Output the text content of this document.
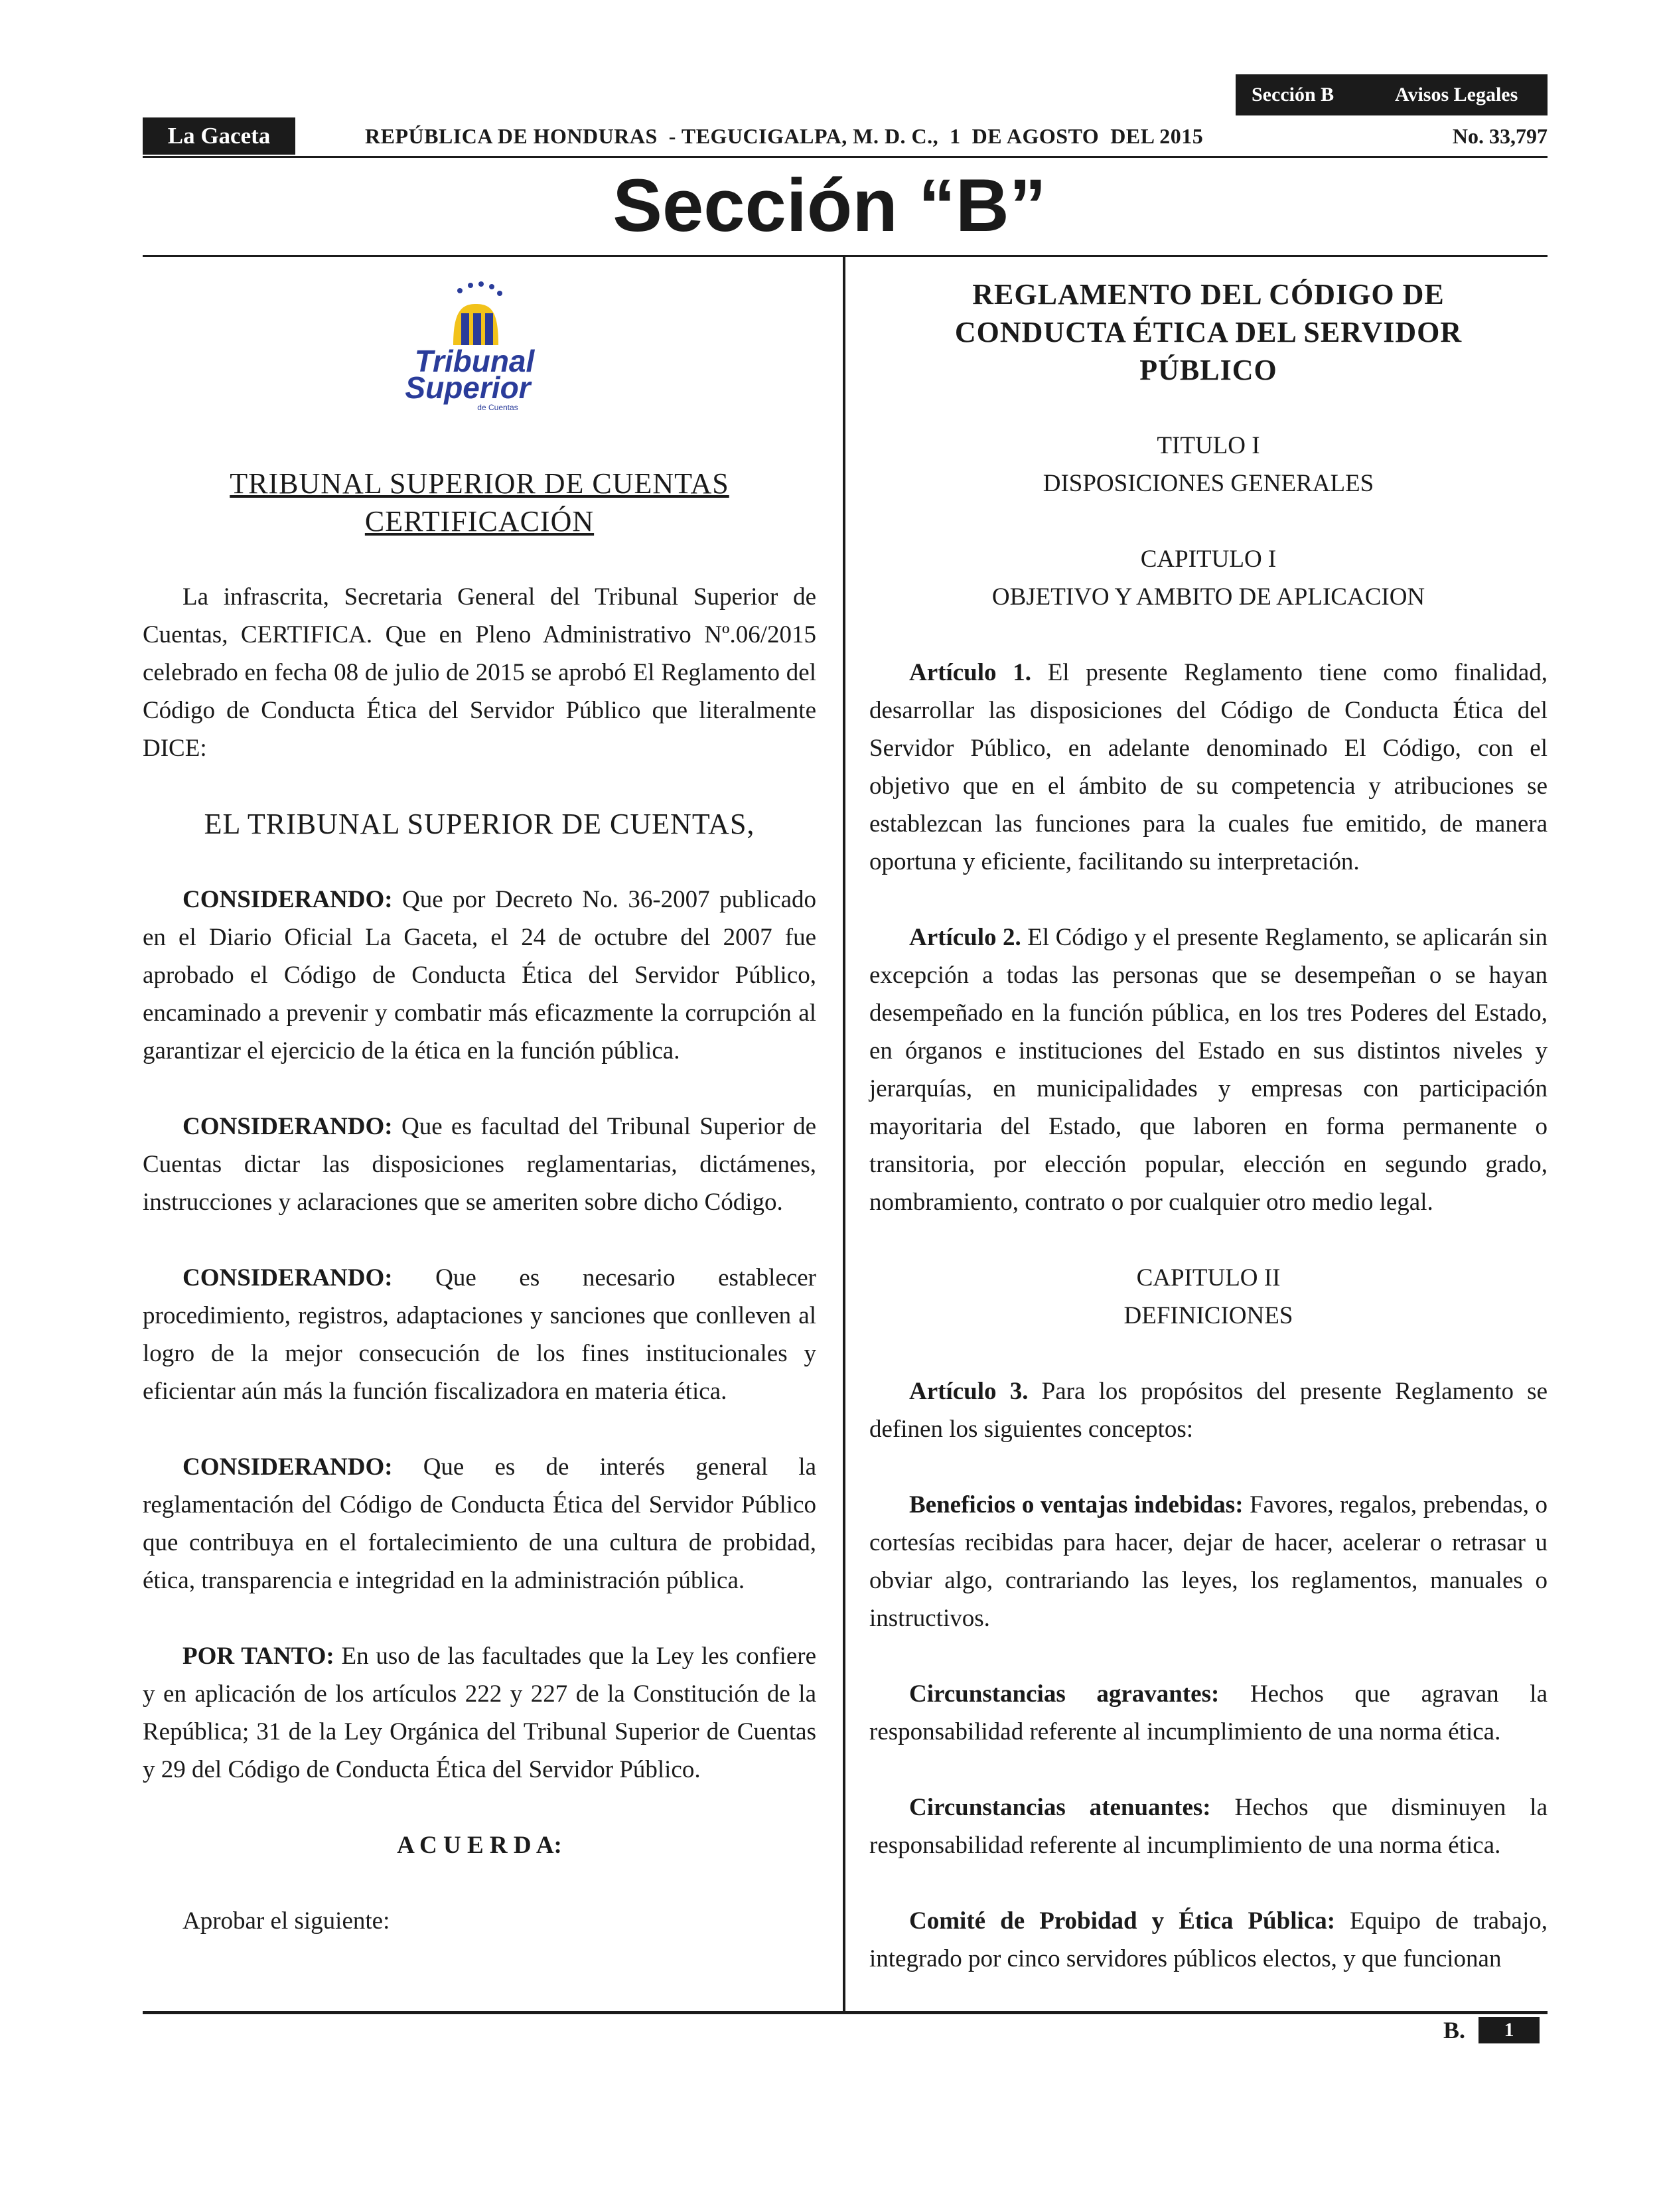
Sección B	Avisos Legales
La Gaceta	REPÚBLICA DE HONDURAS  - TEGUCIGALPA, M. D. C.,  1  DE AGOSTO  DEL 2015	No. 33,797
Sección “B”
Tribunal
Superior
de Cuentas

TRIBUNAL SUPERIOR DE CUENTAS

CERTIFICACIÓN

La infrascrita, Secretaria General del Tribunal Superior de Cuentas, CERTIFICA. Que en Pleno Administrativo Nº.06/2015 celebrado en fecha 08 de julio de 2015 se aprobó El Reglamento del Código de Conducta Ética del Servidor Público que literalmente DICE:

EL TRIBUNAL SUPERIOR DE CUENTAS,

CONSIDERANDO: Que por Decreto No. 36-2007 publicado en el Diario Oficial La Gaceta, el 24 de octubre del 2007 fue aprobado el Código de Conducta Ética del Servidor Público, encaminado a prevenir y combatir más eficazmente la corrupción al garantizar el ejercicio de la ética en la función pública.

CONSIDERANDO: Que es facultad del Tribunal Superior de Cuentas dictar las disposiciones reglamentarias, dictámenes, instrucciones y aclaraciones que se ameriten sobre dicho Código.

CONSIDERANDO: Que es necesario establecer procedimiento, registros, adaptaciones y sanciones que conlleven al logro de la mejor consecución de los fines institucionales y eficientar aún más la función fiscalizadora en materia ética.

CONSIDERANDO: Que es de interés general la reglamentación del Código de Conducta Ética del Servidor Público que contribuya en el fortalecimiento de una cultura de probidad, ética, transparencia e integridad en la administración pública.

POR TANTO: En uso de las facultades que la Ley les confiere y en aplicación de los artículos 222 y 227 de la Constitución de la República; 31 de la Ley Orgánica del Tribunal Superior de Cuentas y 29 del Código de Conducta Ética del Servidor Público.

A C U E R D A:

Aprobar el siguiente:

REGLAMENTO DEL CÓDIGO DE CONDUCTA ÉTICA DEL SERVIDOR PÚBLICO

TITULO I

DISPOSICIONES GENERALES

CAPITULO I

OBJETIVO Y AMBITO DE APLICACION

Artículo 1. El presente Reglamento tiene como finalidad, desarrollar las disposiciones del Código de Conducta Ética del Servidor Público, en adelante denominado El Código, con el objetivo que en el ámbito de su competencia y atribuciones se establezcan las funciones para la cuales fue emitido, de manera oportuna y eficiente, facilitando su interpretación.

Artículo 2. El Código y el presente Reglamento, se aplicarán sin excepción a todas las personas que se desempeñan o se hayan desempeñado en la función pública, en los tres Poderes del Estado, en órganos e instituciones del Estado en sus distintos niveles y jerarquías, en municipalidades y empresas con participación mayoritaria del Estado, que laboren en forma permanente o transitoria, por elección popular, elección en segundo grado, nombramiento, contrato o por cualquier otro medio legal.

CAPITULO II

DEFINICIONES

Artículo 3. Para los propósitos del presente Reglamento se definen los siguientes conceptos:

Beneficios o ventajas indebidas: Favores, regalos, prebendas, o cortesías recibidas para hacer, dejar de hacer, acelerar o retrasar u obviar algo, contrariando las leyes, los reglamentos, manuales o instructivos.

Circunstancias agravantes: Hechos que agravan la responsabilidad referente al incumplimiento de una norma ética.

Circunstancias atenuantes: Hechos que disminuyen la responsabilidad referente al incumplimiento de una norma ética.

Comité de Probidad y Ética Pública: Equipo de trabajo, integrado por cinco servidores públicos electos, y que funcionan

B.	1
